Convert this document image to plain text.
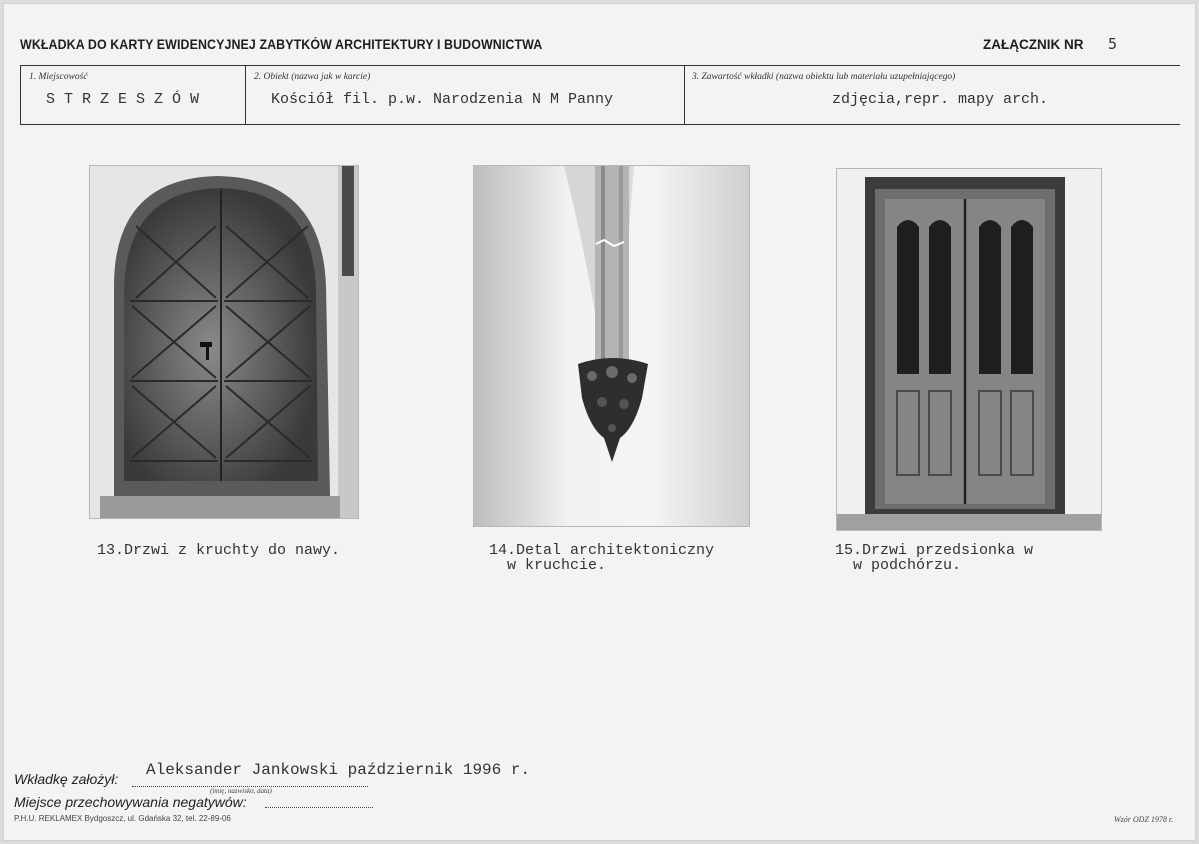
WKŁADKA DO KARTY EWIDENCYJNEJ ZABYTKÓW ARCHITEKTURY I BUDOWNICTWA	ZAŁĄCZNIK NR 5
1. Miejscowość
S T R Z E S Z Ó W
2. Obiekt (nazwa jak w karcie)
Kościół fil. p.w. Narodzenia N M Panny
3. Zawartość wkładki (nazwa obiektu lub materiału uzupełniającego)
zdjęcia,repr. mapy arch.
13.Drzwi z kruchty do nawy.	14.Detal architektoniczny
w kruchcie.
15.Drzwi przedsionka w
w podchórzu.
Wkładkę założył: Aleksander Jankowski październik 1996 r.
(imię, nazwisko, data)
Miejsce przechowywania negatywów:
P.H.U. REKLAMEX Bydgoszcz, ul. Gdańska 32, tel. 22-89-06	Wzór ODZ 1978 r.
